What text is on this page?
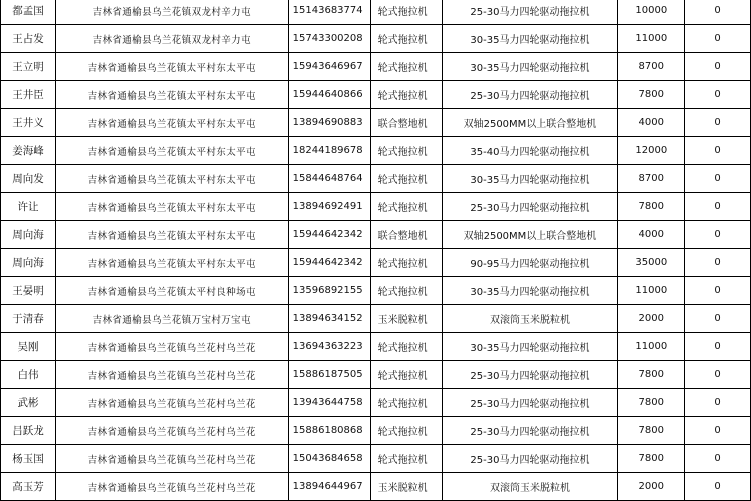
都孟国	吉林省通榆县乌兰花镇双龙村辛力屯	15143683774	轮式拖拉机	25-30马力四轮驱动拖拉机	10000	0
王占发	吉林省通榆县乌兰花镇双龙村辛力屯	15743300208	轮式拖拉机	30-35马力四轮驱动拖拉机	11000	0
王立明	吉林省通榆县乌兰花镇太平村东太平屯	15943646967	轮式拖拉机	30-35马力四轮驱动拖拉机	8700	0
王井臣	吉林省通榆县乌兰花镇太平村东太平屯	15944640866	轮式拖拉机	25-30马力四轮驱动拖拉机	7800	0
王井义	吉林省通榆县乌兰花镇太平村东太平屯	13894690883	联合整地机	双轴2500MM以上联合整地机	4000	0
姜海峰	吉林省通榆县乌兰花镇太平村东太平屯	18244189678	轮式拖拉机	35-40马力四轮驱动拖拉机	12000	0
周向发	吉林省通榆县乌兰花镇太平村东太平屯	15844648764	轮式拖拉机	30-35马力四轮驱动拖拉机	8700	0
许让	吉林省通榆县乌兰花镇太平村东太平屯	13894692491	轮式拖拉机	25-30马力四轮驱动拖拉机	7800	0
周向海	吉林省通榆县乌兰花镇太平村东太平屯	15944642342	联合整地机	双轴2500MM以上联合整地机	4000	0
周向海	吉林省通榆县乌兰花镇太平村东太平屯	15944642342	轮式拖拉机	90-95马力四轮驱动拖拉机	35000	0
王晏明	吉林省通榆县乌兰花镇太平村良种场屯	13596892155	轮式拖拉机	30-35马力四轮驱动拖拉机	11000	0
于清春	吉林省通榆县乌兰花镇万宝村万宝屯	13894634152	玉米脱粒机	双滚筒玉米脱粒机	2000	0
吴刚	吉林省通榆县乌兰花镇乌兰花村乌兰花	13694363223	轮式拖拉机	30-35马力四轮驱动拖拉机	11000	0
白伟	吉林省通榆县乌兰花镇乌兰花村乌兰花	15886187505	轮式拖拉机	25-30马力四轮驱动拖拉机	7800	0
武彬	吉林省通榆县乌兰花镇乌兰花村乌兰花	13943644758	轮式拖拉机	25-30马力四轮驱动拖拉机	7800	0
吕跃龙	吉林省通榆县乌兰花镇乌兰花村乌兰花	15886180868	轮式拖拉机	25-30马力四轮驱动拖拉机	7800	0
杨玉国	吉林省通榆县乌兰花镇乌兰花村乌兰花	15043684658	轮式拖拉机	25-30马力四轮驱动拖拉机	7800	0
高玉芳	吉林省通榆县乌兰花镇乌兰花村乌兰花	13894644967	玉米脱粒机	双滚筒玉米脱粒机	2000	0
